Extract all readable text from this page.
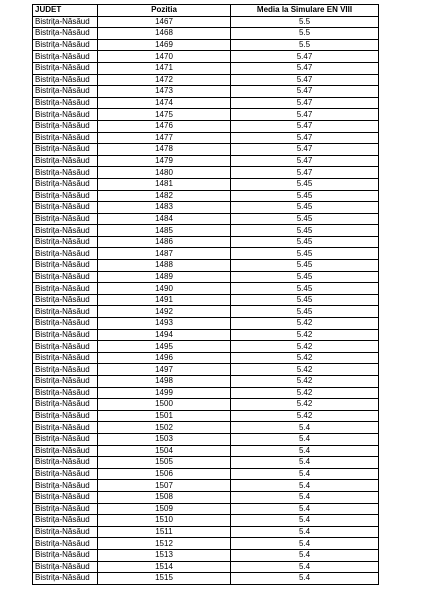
JUDET	Pozitia	Media la Simulare EN VIII
Bistrița-Năsăud	1467	5.5
Bistrița-Năsăud	1468	5.5
Bistrița-Năsăud	1469	5.5
Bistrița-Năsăud	1470	5.47
Bistrița-Năsăud	1471	5.47
Bistrița-Năsăud	1472	5.47
Bistrița-Năsăud	1473	5.47
Bistrița-Năsăud	1474	5.47
Bistrița-Năsăud	1475	5.47
Bistrița-Năsăud	1476	5.47
Bistrița-Năsăud	1477	5.47
Bistrița-Năsăud	1478	5.47
Bistrița-Năsăud	1479	5.47
Bistrița-Năsăud	1480	5.47
Bistrița-Năsăud	1481	5.45
Bistrița-Năsăud	1482	5.45
Bistrița-Năsăud	1483	5.45
Bistrița-Năsăud	1484	5.45
Bistrița-Năsăud	1485	5.45
Bistrița-Năsăud	1486	5.45
Bistrița-Năsăud	1487	5.45
Bistrița-Năsăud	1488	5.45
Bistrița-Năsăud	1489	5.45
Bistrița-Năsăud	1490	5.45
Bistrița-Năsăud	1491	5.45
Bistrița-Năsăud	1492	5.45
Bistrița-Năsăud	1493	5.42
Bistrița-Năsăud	1494	5.42
Bistrița-Năsăud	1495	5.42
Bistrița-Năsăud	1496	5.42
Bistrița-Năsăud	1497	5.42
Bistrița-Năsăud	1498	5.42
Bistrița-Năsăud	1499	5.42
Bistrița-Năsăud	1500	5.42
Bistrița-Năsăud	1501	5.42
Bistrița-Năsăud	1502	5.4
Bistrița-Năsăud	1503	5.4
Bistrița-Năsăud	1504	5.4
Bistrița-Năsăud	1505	5.4
Bistrița-Năsăud	1506	5.4
Bistrița-Năsăud	1507	5.4
Bistrița-Năsăud	1508	5.4
Bistrița-Năsăud	1509	5.4
Bistrița-Năsăud	1510	5.4
Bistrița-Năsăud	1511	5.4
Bistrița-Năsăud	1512	5.4
Bistrița-Năsăud	1513	5.4
Bistrița-Năsăud	1514	5.4
Bistrița-Năsăud	1515	5.4
